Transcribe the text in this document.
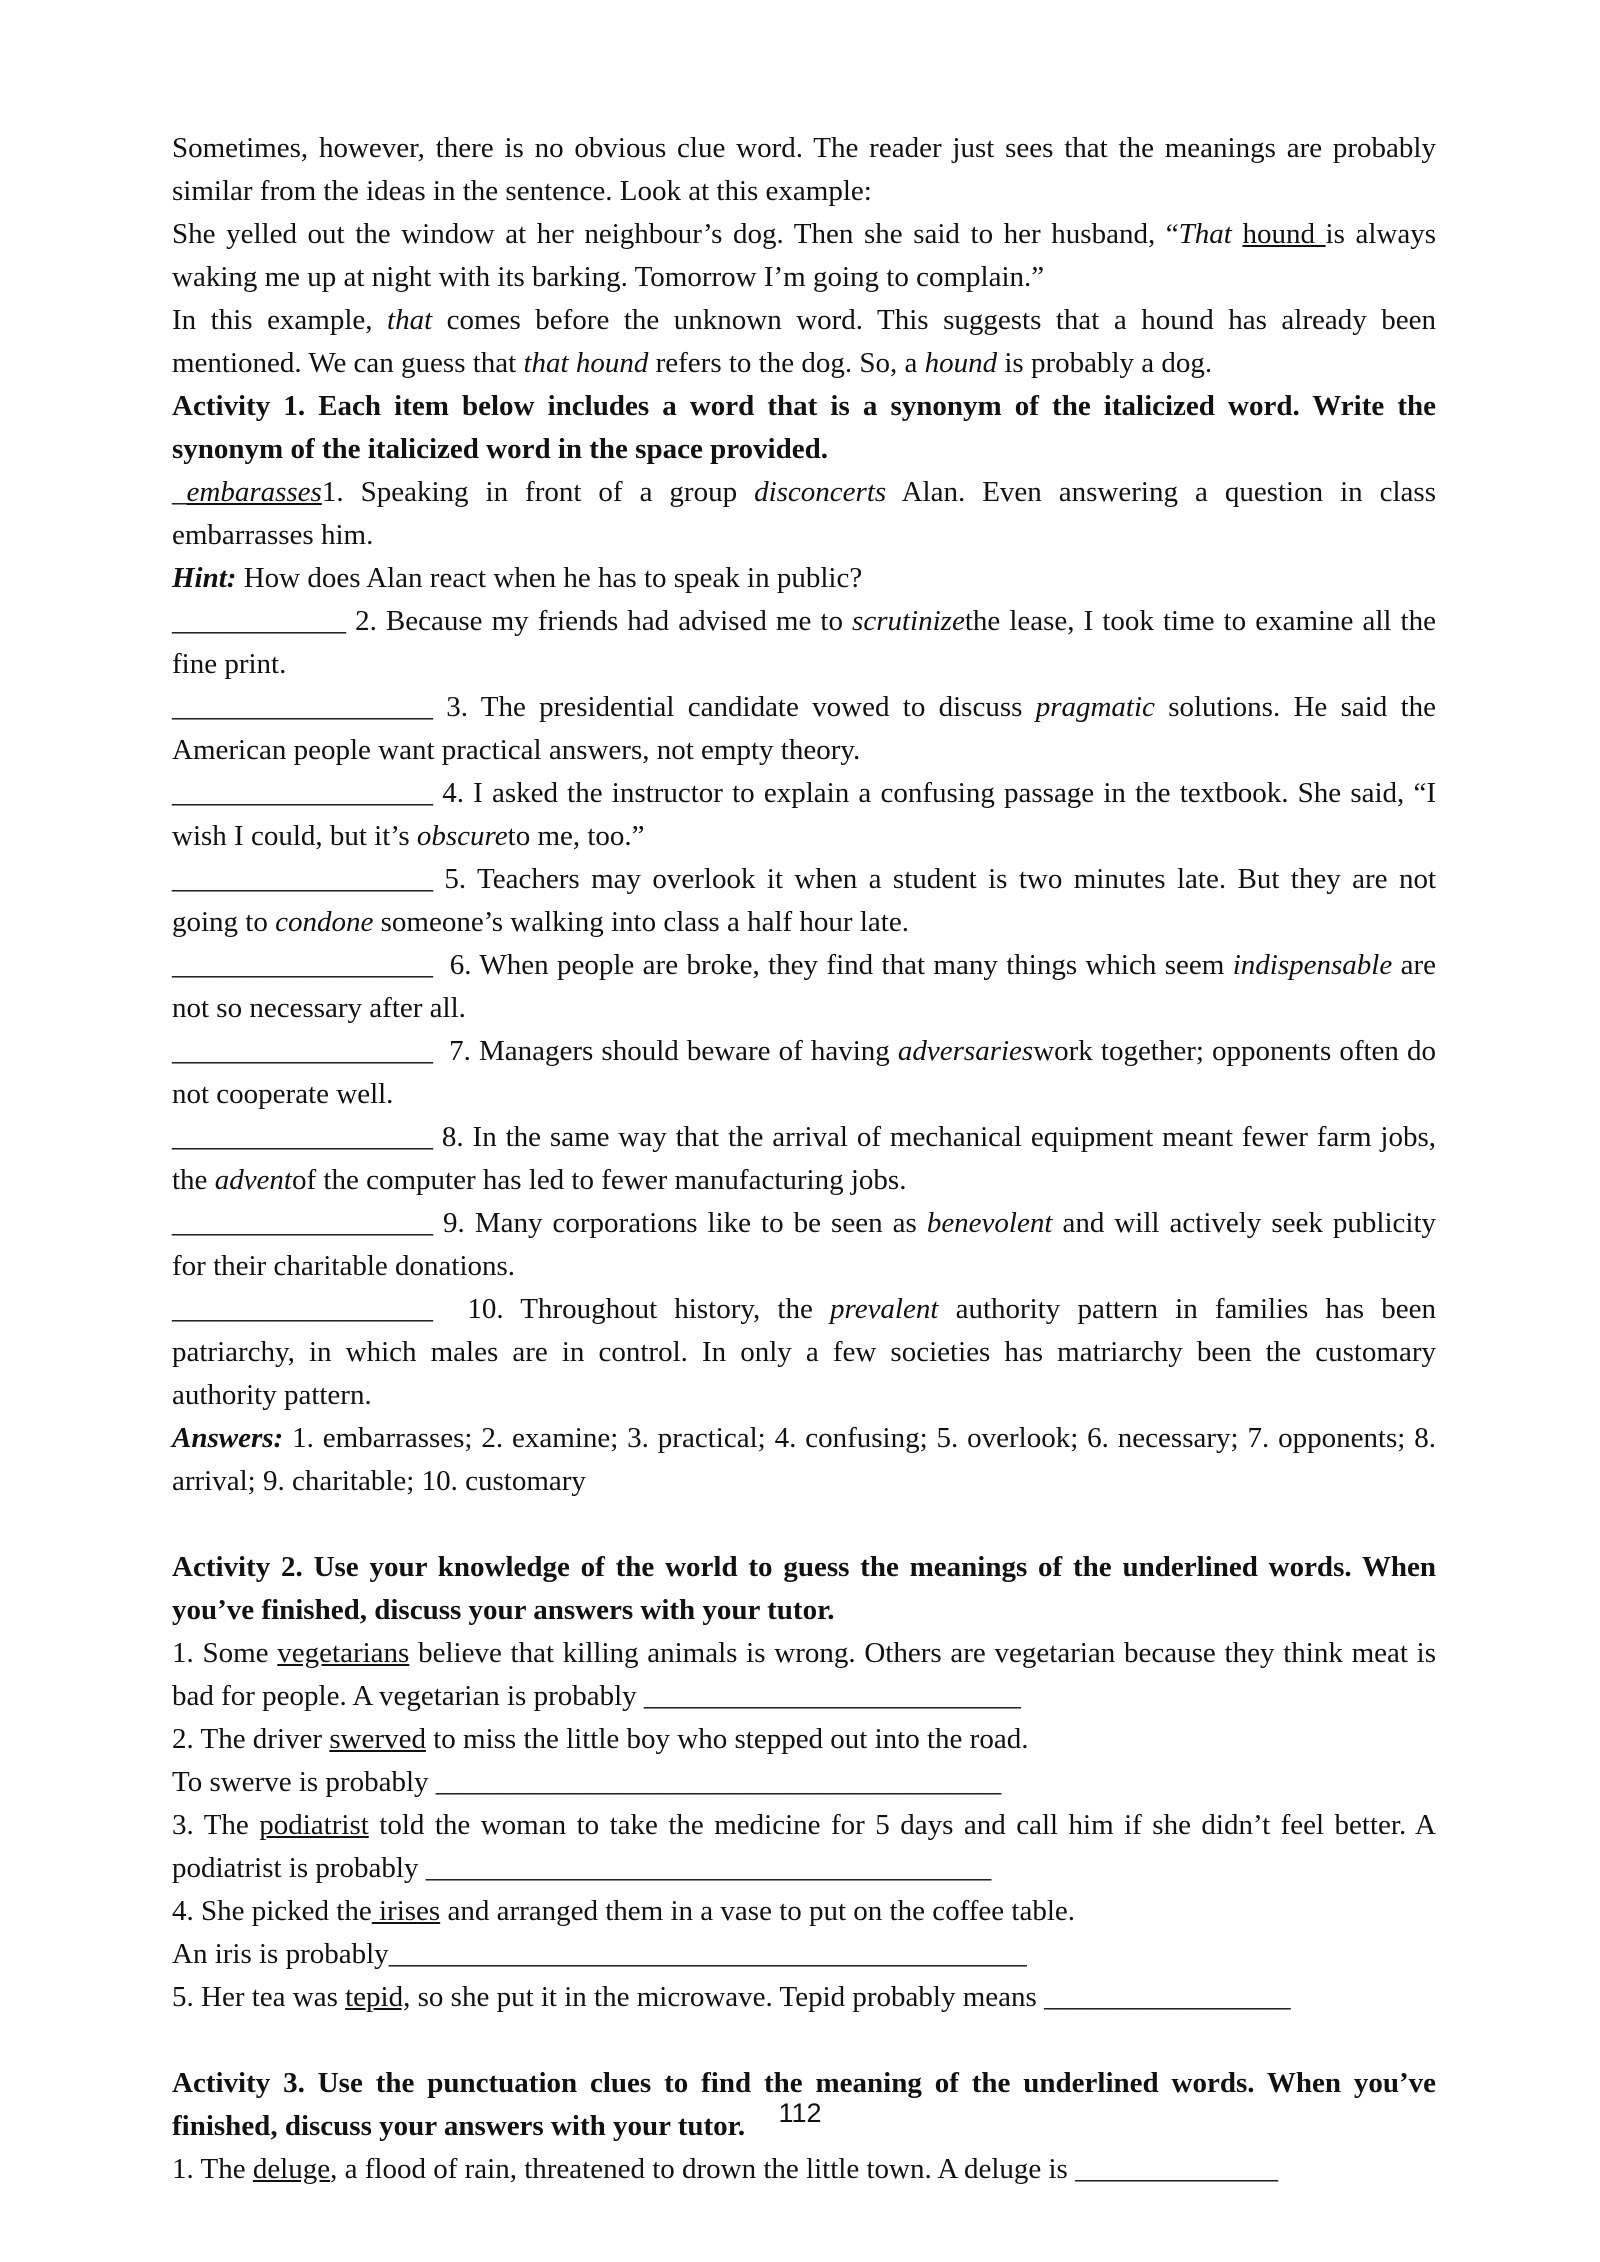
Sometimes, however, there is no obvious clue word. The reader just sees that the meanings are probably similar from the ideas in the sentence. Look at this example:

She yelled out the window at her neighbour’s dog. Then she said to her husband, “That hound is always waking me up at night with its barking. Tomorrow I’m going to complain.”

In this example, that comes before the unknown word. This suggests that a hound has already been mentioned. We can guess that that hound refers to the dog. So, a hound is probably a dog.

Activity 1. Each item below includes a word that is a synonym of the italicized word. Write the synonym of the italicized word in the space provided.

_embarasses1. Speaking in front of a group disconcerts Alan. Even answering a question in class embarrasses him.

Hint: How does Alan react when he has to speak in public?

____________ 2. Because my friends had advised me to scrutinizethe lease, I took time to examine all the fine print.

__________________ 3. The presidential candidate vowed to discuss pragmatic solutions. He said the American people want practical answers, not empty theory.

__________________ 4. I asked the instructor to explain a confusing passage in the textbook. She said, “I wish I could, but it’s obscureto me, too.”

__________________ 5. Teachers may overlook it when a student is two minutes late. But they are not going to condone someone’s walking into class a half hour late.

__________________  6. When people are broke, they find that many things which seem indispensable are not so necessary after all.

__________________  7. Managers should beware of having adversarieswork together; opponents often do not cooperate well.

__________________ 8. In the same way that the arrival of mechanical equipment meant fewer farm jobs, the adventof the computer has led to fewer manufacturing jobs.

__________________ 9. Many corporations like to be seen as benevolent and will actively seek publicity for their charitable donations.

__________________  10. Throughout history, the prevalent authority pattern in families has been patriarchy, in which males are in control. In only a few societies has matriarchy been the customary authority pattern.

Answers: 1. embarrasses; 2. examine; 3. practical; 4. confusing; 5. overlook; 6. necessary; 7. opponents; 8. arrival; 9. charitable; 10. customary

Activity 2. Use your knowledge of the world to guess the meanings of the underlined words. When you’ve finished, discuss your answers with your tutor.

1. Some vegetarians believe that killing animals is wrong. Others are vegetarian because they think meat is bad for people. A vegetarian is probably __________________________

2. The driver swerved to miss the little boy who stepped out into the road.

To swerve is probably _______________________________________

3. The podiatrist told the woman to take the medicine for 5 days and call him if she didn’t feel better. A podiatrist is probably _______________________________________

4. She picked the irises and arranged them in a vase to put on the coffee table.

An iris is probably____________________________________________

5. Her tea was tepid, so she put it in the microwave. Tepid probably means _________________

Activity 3. Use the punctuation clues to find the meaning of the underlined words. When you’ve finished, discuss your answers with your tutor.

1. The deluge, a flood of rain, threatened to drown the little town. A deluge is ______________

112
